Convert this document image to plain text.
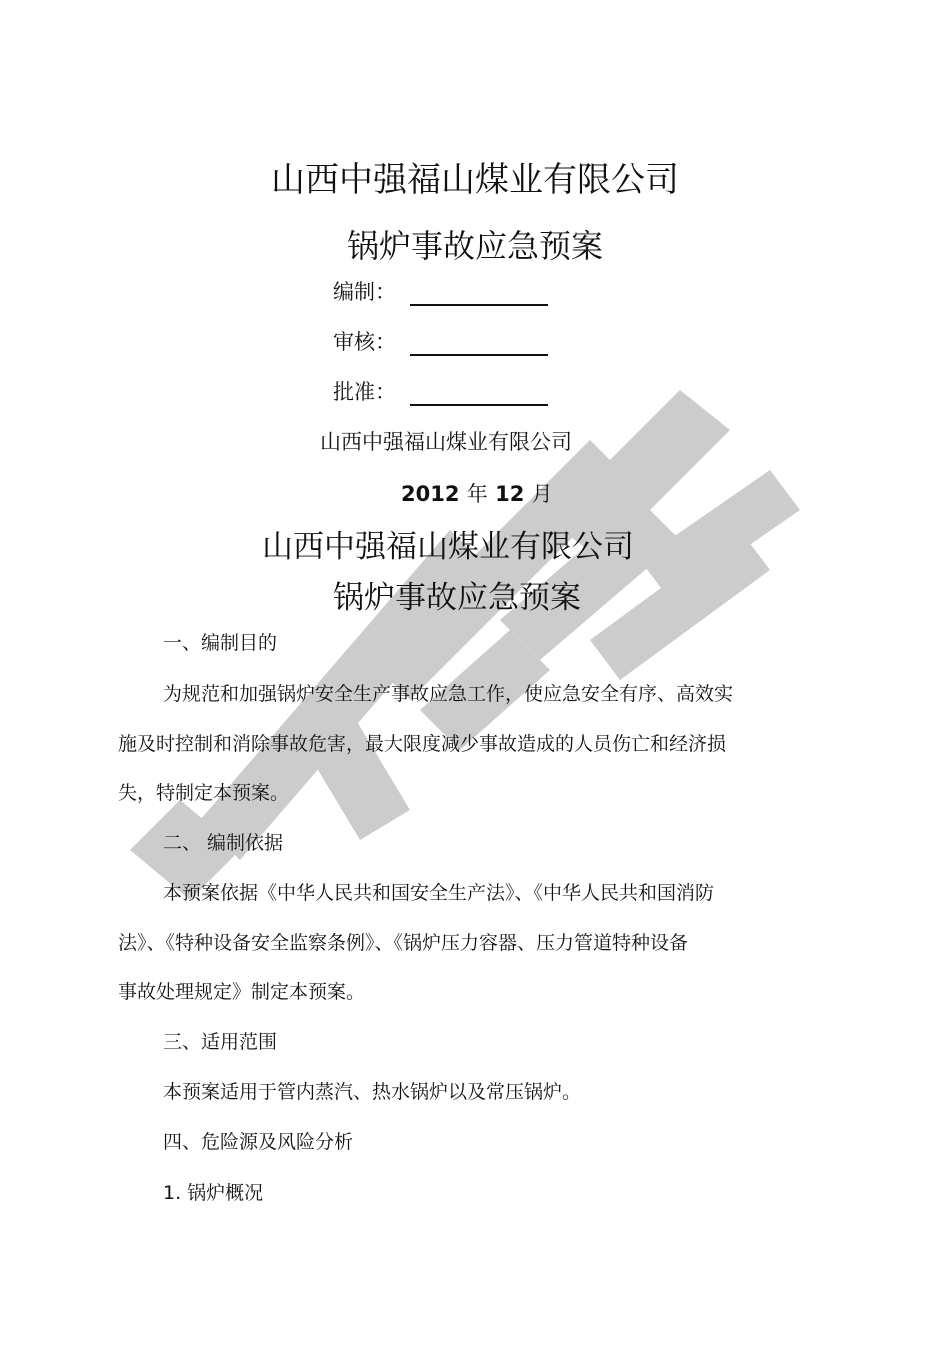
山西中强福山煤业有限公司
锅炉事故应急预案
编制：
审核：
批准：
山西中强福山煤业有限公司
2012 年 12 月
山西中强福山煤业有限公司
锅炉事故应急预案
一、编制目的
为规范和加强锅炉安全生产事故应急工作，使应急安全有序、高效实
施及时控制和消除事故危害，最大限度减少事故造成的人员伤亡和经济损
失，特制定本预案。
二、 编制依据
本预案依据《中华人民共和国安全生产法》、《中华人民共和国消防
法》、《特种设备安全监察条例》、《锅炉压力容器、压力管道特种设备
事故处理规定》制定本预案。
三、适用范围
本预案适用于管内蒸汽、热水锅炉以及常压锅炉。
四、危险源及风险分析
1. 锅炉概况
